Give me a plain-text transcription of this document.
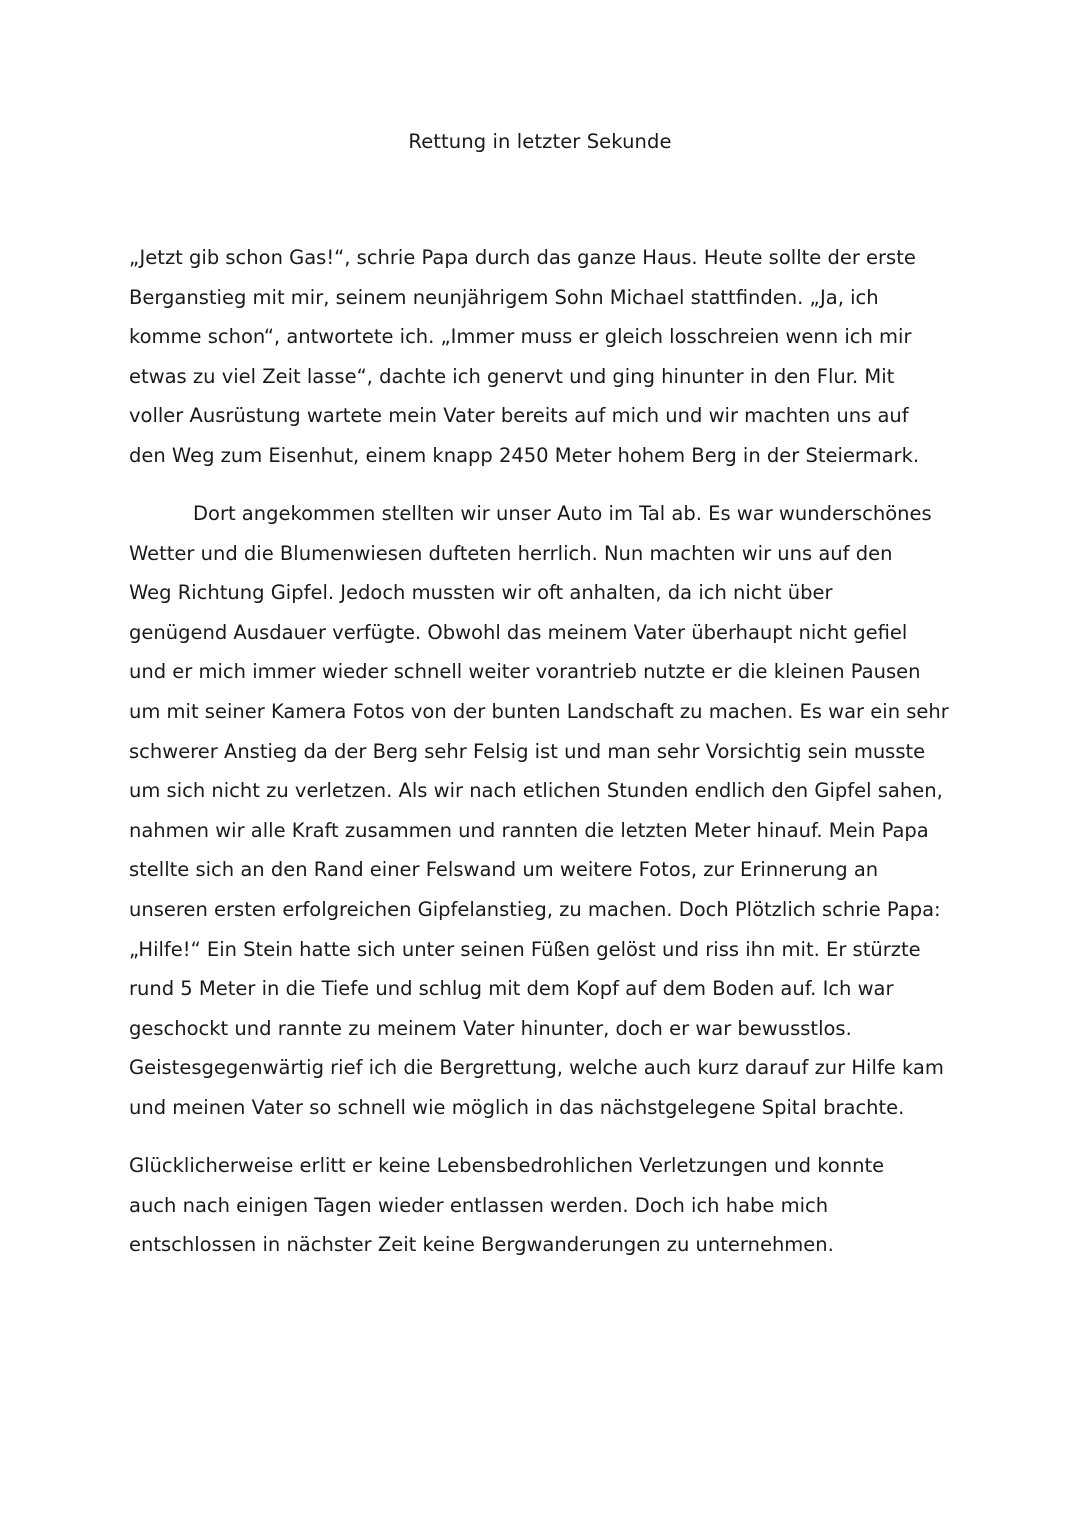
Rettung in letzter Sekunde

„Jetzt gib schon Gas!“, schrie Papa durch das ganze Haus. Heute sollte der erste
Berganstieg mit mir, seinem neunjährigem Sohn Michael stattfinden. „Ja, ich
komme schon“, antwortete ich. „Immer muss er gleich losschreien wenn ich mir
etwas zu viel Zeit lasse“, dachte ich genervt und ging hinunter in den Flur. Mit
voller Ausrüstung wartete mein Vater bereits auf mich und wir machten uns auf
den Weg zum Eisenhut, einem knapp 2450 Meter hohem Berg in der Steiermark.

Dort angekommen stellten wir unser Auto im Tal ab. Es war wunderschönes
Wetter und die Blumenwiesen dufteten herrlich. Nun machten wir uns auf den
Weg Richtung Gipfel. Jedoch mussten wir oft anhalten, da ich nicht über
genügend Ausdauer verfügte. Obwohl das meinem Vater überhaupt nicht gefiel
und er mich immer wieder schnell weiter vorantrieb nutzte er die kleinen Pausen
um mit seiner Kamera Fotos von der bunten Landschaft zu machen. Es war ein sehr
schwerer Anstieg da der Berg sehr Felsig ist und man sehr Vorsichtig sein musste
um sich nicht zu verletzen. Als wir nach etlichen Stunden endlich den Gipfel sahen,
nahmen wir alle Kraft zusammen und rannten die letzten Meter hinauf. Mein Papa
stellte sich an den Rand einer Felswand um weitere Fotos, zur Erinnerung an
unseren ersten erfolgreichen Gipfelanstieg, zu machen. Doch Plötzlich schrie Papa:
„Hilfe!“ Ein Stein hatte sich unter seinen Füßen gelöst und riss ihn mit. Er stürzte
rund 5 Meter in die Tiefe und schlug mit dem Kopf auf dem Boden auf. Ich war
geschockt und rannte zu meinem Vater hinunter, doch er war bewusstlos.
Geistesgegenwärtig rief ich die Bergrettung, welche auch kurz darauf zur Hilfe kam
und meinen Vater so schnell wie möglich in das nächstgelegene Spital brachte.

Glücklicherweise erlitt er keine Lebensbedrohlichen Verletzungen und konnte
auch nach einigen Tagen wieder entlassen werden. Doch ich habe mich
entschlossen in nächster Zeit keine Bergwanderungen zu unternehmen.
